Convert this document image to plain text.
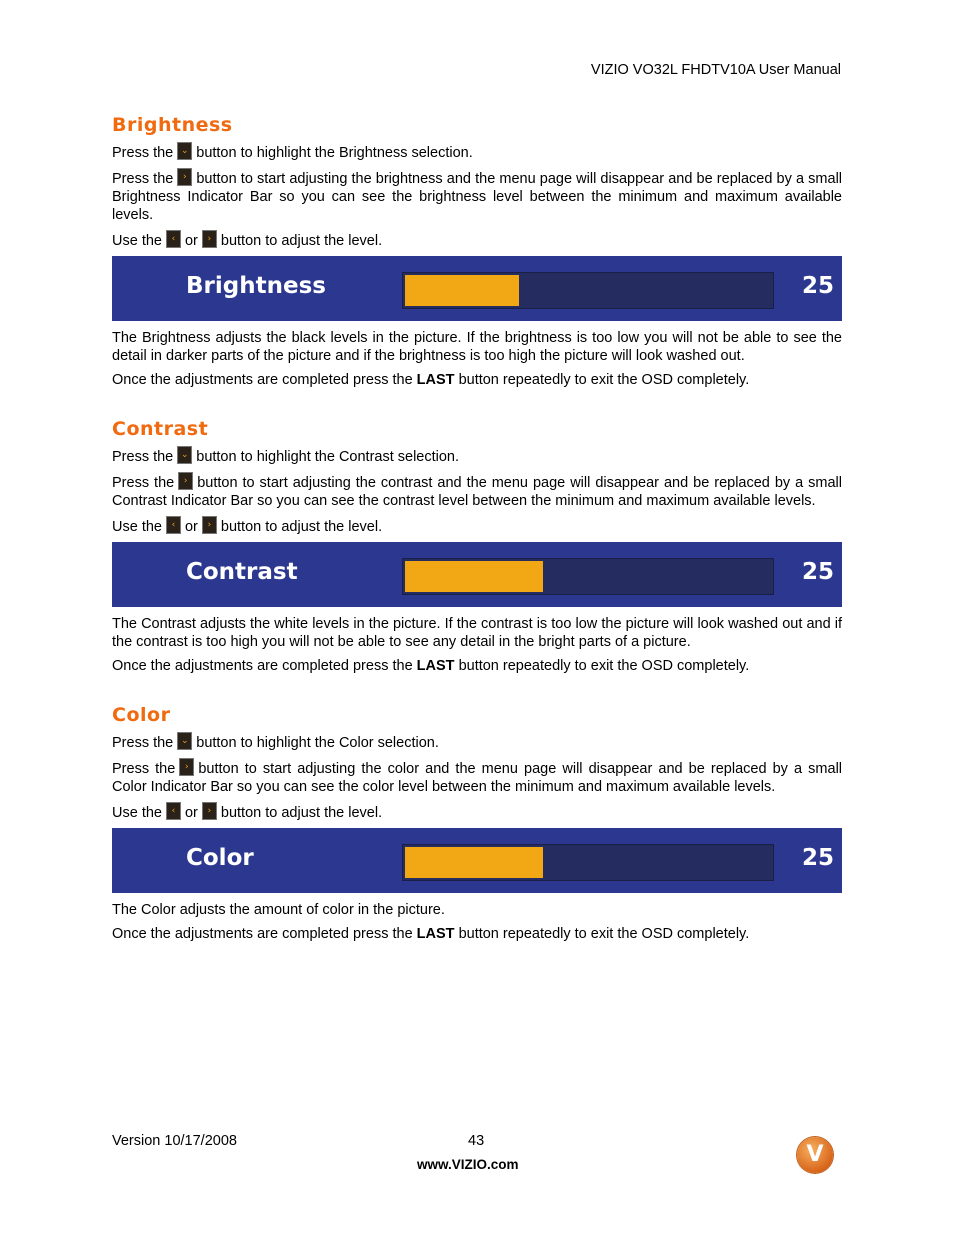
VIZIO VO32L FHDTV10A User Manual
Brightness

Press the ⌄ button to highlight the Brightness selection.

Press the	› button to start adjusting the brightness and the menu page will disappear and be replaced by a small Brightness Indicator Bar so you can see the brightness level between the minimum and maximum available levels.

Use the	‹ or	› button to adjust the level.

Brightness	25

The Brightness adjusts the black levels in the picture. If the brightness is too low you will not be able to see the detail in darker parts of the picture and if the brightness is too high the picture will look washed out.

Once the adjustments are completed press the LAST button repeatedly to exit the OSD completely.

Contrast

Press the ⌄ button to highlight the Contrast selection.

Press the	› button to start adjusting the contrast and the menu page will disappear and be replaced by a small Contrast Indicator Bar so you can see the contrast level between the minimum and maximum available levels.

Use the	‹ or	› button to adjust the level.

Contrast	25

The Contrast adjusts the white levels in the picture. If the contrast is too low the picture will look washed out and if the contrast is too high you will not be able to see any detail in the bright parts of a picture.

Once the adjustments are completed press the LAST button repeatedly to exit the OSD completely.

Color

Press the ⌄ button to highlight the Color selection.

Press the	› button to start adjusting the color and the menu page will disappear and be replaced by a small Color Indicator Bar so you can see the color level between the minimum and maximum available levels.

Use the	‹ or	› button to adjust the level.

Color	25

The Color adjusts the amount of color in the picture.

Once the adjustments are completed press the LAST button repeatedly to exit the OSD completely.

Version 10/17/2008	43
www.VIZIO.com	V
